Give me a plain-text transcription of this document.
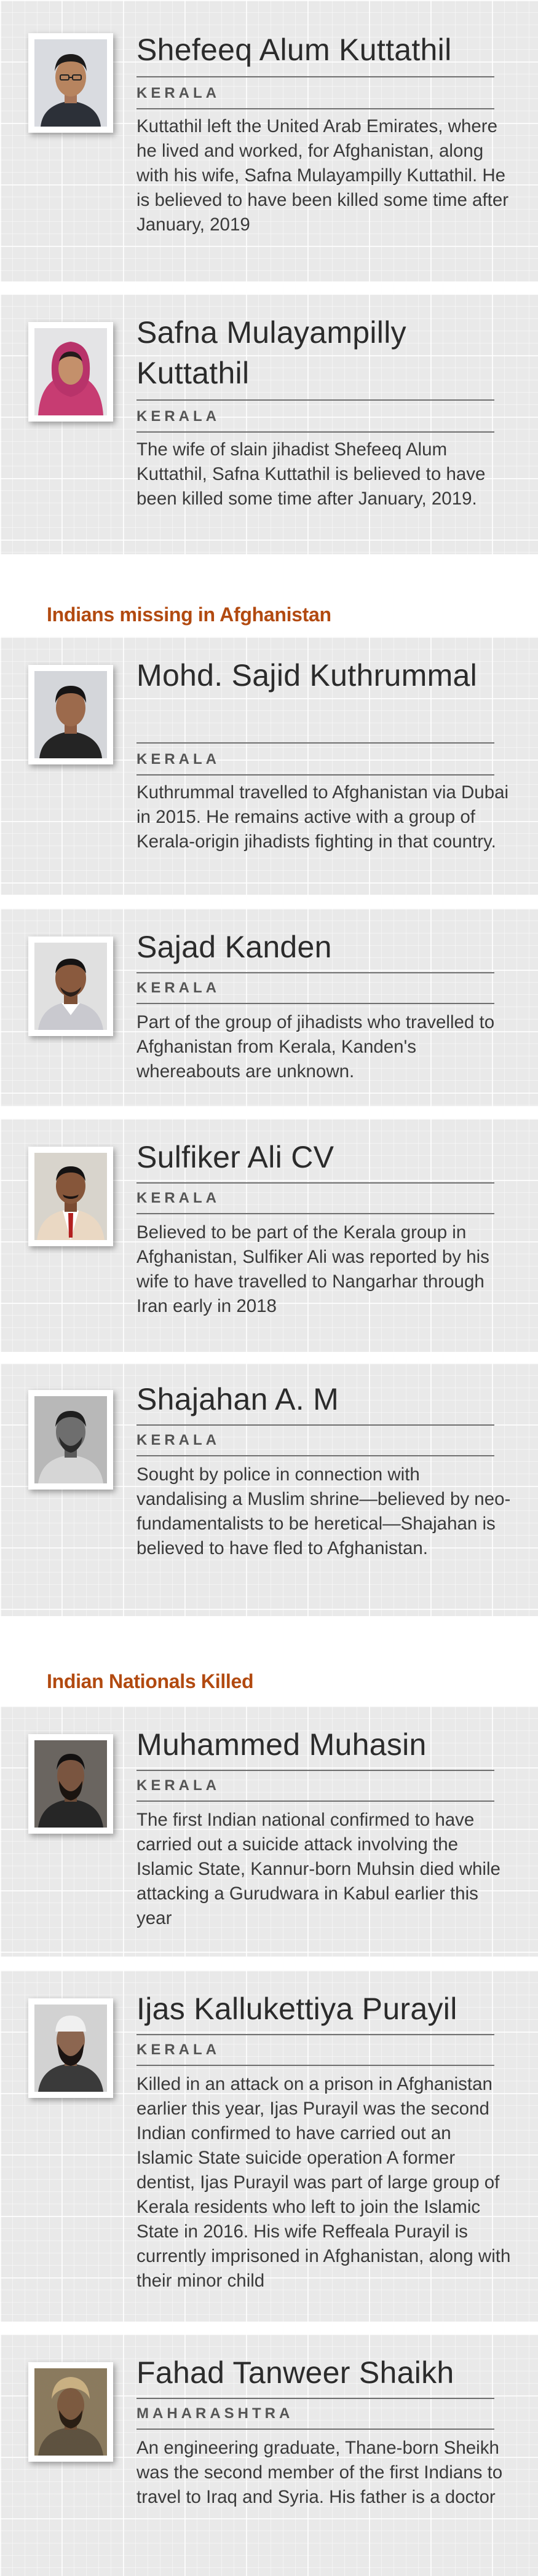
Shefeeq Alum Kuttathil
KERALA
Kuttathil left the United Arab Emirates, where he lived and worked, for Afghanistan, along with his wife, Safna Mulayampilly Kuttathil. He is believed to have been killed some time after January, 2019
Safna Mulayampilly Kuttathil
KERALA
The wife of slain jihadist Shefeeq Alum Kuttathil, Safna Kuttathil is believed to have been killed some time after January, 2019.
Indians missing in Afghanistan
Mohd. Sajid Kuthrummal
KERALA
Kuthrummal travelled to Afghanistan via Dubai in 2015. He remains active with a group of Kerala-origin jihadists fighting in that country.
Sajad Kanden
KERALA
Part of the group of jihadists who travelled to Afghanistan from Kerala, Kanden's whereabouts are unknown.
Sulfiker Ali CV
KERALA
Believed to be part of the Kerala group in Afghanistan, Sulfiker Ali was reported by his wife to have travelled to Nangarhar through Iran early in 2018
Shajahan A. M
KERALA
Sought by police in connection with vandalising a Muslim shrine—believed by neo-fundamentalists to be heretical—Shajahan is believed to have fled to Afghanistan.
Indian Nationals Killed
Muhammed Muhasin
KERALA
The first Indian national confirmed to have carried out a suicide attack involving the Islamic State, Kannur-born Muhsin died while attacking a Gurudwara in Kabul earlier this year
Ijas Kallukettiya Purayil
KERALA
Killed in an attack on a prison in Afghanistan earlier this year, Ijas Purayil was the second Indian confirmed to have carried out an Islamic State suicide operation A former dentist, Ijas Purayil was part of large group of Kerala residents who left to join the Islamic State in 2016. His wife Reffeala Purayil is currently imprisoned in Afghanistan, along with their minor child
Fahad Tanweer Shaikh
MAHARASHTRA
An engineering graduate, Thane-born Sheikh was the second member of the first Indians to travel to Iraq and Syria. His father is a doctor
